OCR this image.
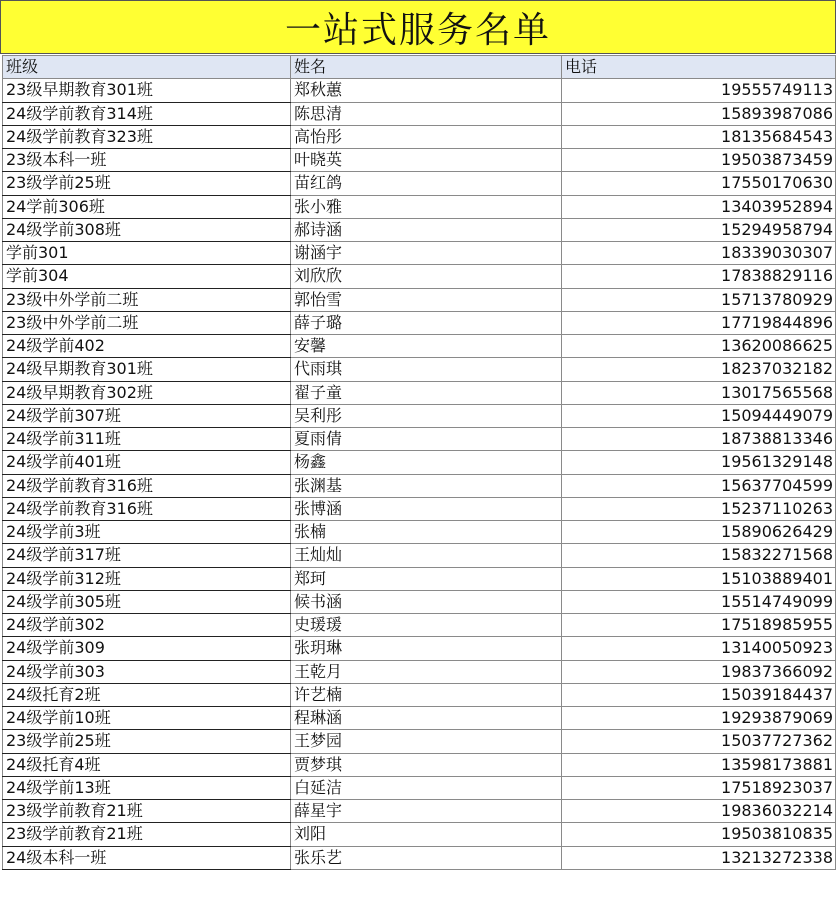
一站式服务名单
班级	姓名	电话
23级早期教育301班	郑秋蕙	19555749113
24级学前教育314班	陈思清	15893987086
24级学前教育323班	高怡彤	18135684543
23级本科一班	叶晓英	19503873459
23级学前25班	苗红鸽	17550170630
24学前306班	张小雅	13403952894
24级学前308班	郝诗涵	15294958794
学前301	谢涵宇	18339030307
学前304	刘欣欣	17838829116
23级中外学前二班	郭怡雪	15713780929
23级中外学前二班	薛子璐	17719844896
24级学前402	安馨	13620086625
24级早期教育301班	代雨琪	18237032182
24级早期教育302班	翟子童	13017565568
24级学前307班	吴利彤	15094449079
24级学前311班	夏雨倩	18738813346
24级学前401班	杨鑫	19561329148
24级学前教育316班	张渊基	15637704599
24级学前教育316班	张博涵	15237110263
24级学前3班	张楠	15890626429
24级学前317班	王灿灿	15832271568
24级学前312班	郑珂	15103889401
24级学前305班	候书涵	15514749099
24级学前302	史瑗瑗	17518985955
24级学前309	张玥琳	13140050923
24级学前303	王乾月	19837366092
24级托育2班	许艺楠	15039184437
24级学前10班	程琳涵	19293879069
23级学前25班	王梦园	15037727362
24级托育4班	贾梦琪	13598173881
24级学前13班	白延洁	17518923037
23级学前教育21班	薛星宇	19836032214
23级学前教育21班	刘阳	19503810835
24级本科一班	张乐艺	13213272338
